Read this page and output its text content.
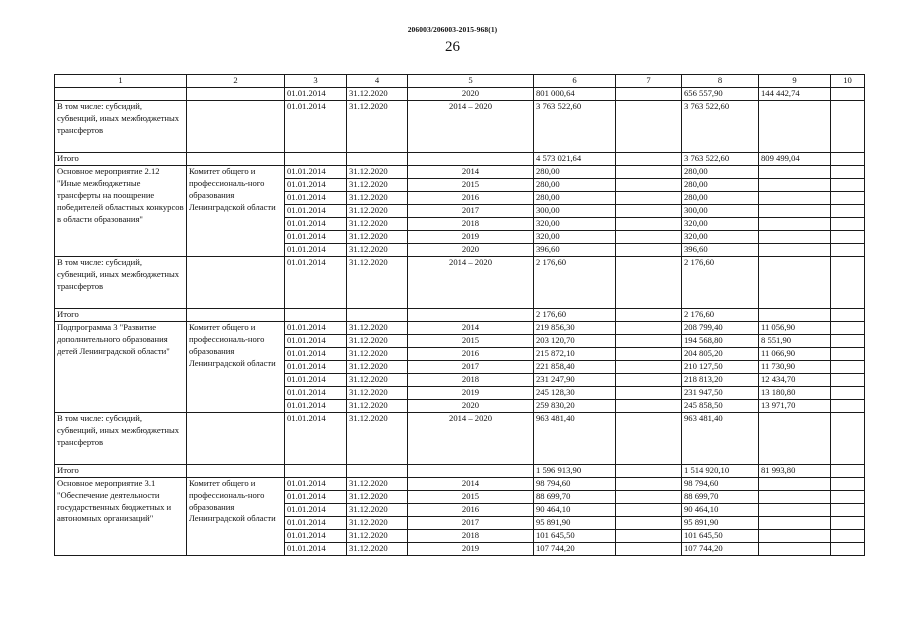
206003/206003-2015-968(1)
26
1	2	3	4	5	6	7	8	9	10
		01.01.2014	31.12.2020	2020	801 000,64		656 557,90	144 442,74	
В том числе: субсидий, субвенций, иных межбюджетных трансфертов		01.01.2014	31.12.2020	2014 – 2020	3 763 522,60		3 763 522,60		
Итого					4 573 021,64		3 763 522,60	809 499,04	
Основное мероприятие 2.12 "Иные межбюджетные трансферты на поощрение победителей областных конкурсов в области образования"	Комитет общего и профессиональ-ного образования Ленинградской области	01.01.2014	31.12.2020	2014	280,00		280,00		
		01.01.2014	31.12.2020	2015	280,00		280,00		
		01.01.2014	31.12.2020	2016	280,00		280,00		
		01.01.2014	31.12.2020	2017	300,00		300,00		
		01.01.2014	31.12.2020	2018	320,00		320,00		
		01.01.2014	31.12.2020	2019	320,00		320,00		
		01.01.2014	31.12.2020	2020	396,60		396,60		
В том числе: субсидий, субвенций, иных межбюджетных трансфертов		01.01.2014	31.12.2020	2014 – 2020	2 176,60		2 176,60		
Итого					2 176,60		2 176,60		
Подпрограмма 3 "Развитие дополнительного образования детей Ленинградской области"	Комитет общего и профессиональ-ного образования Ленинградской области	01.01.2014	31.12.2020	2014	219 856,30		208 799,40	11 056,90	
		01.01.2014	31.12.2020	2015	203 120,70		194 568,80	8 551,90	
		01.01.2014	31.12.2020	2016	215 872,10		204 805,20	11 066,90	
		01.01.2014	31.12.2020	2017	221 858,40		210 127,50	11 730,90	
		01.01.2014	31.12.2020	2018	231 247,90		218 813,20	12 434,70	
		01.01.2014	31.12.2020	2019	245 128,30		231 947,50	13 180,80	
		01.01.2014	31.12.2020	2020	259 830,20		245 858,50	13 971,70	
В том числе: субсидий, субвенций, иных межбюджетных трансфертов		01.01.2014	31.12.2020	2014 – 2020	963 481,40		963 481,40		
Итого					1 596 913,90		1 514 920,10	81 993,80	
Основное мероприятие 3.1 "Обеспечение деятельности государственных бюджетных и автономных организаций"	Комитет общего и профессиональ-ного образования Ленинградской области	01.01.2014	31.12.2020	2014	98 794,60		98 794,60		
		01.01.2014	31.12.2020	2015	88 699,70		88 699,70		
		01.01.2014	31.12.2020	2016	90 464,10		90 464,10		
		01.01.2014	31.12.2020	2017	95 891,90		95 891,90		
		01.01.2014	31.12.2020	2018	101 645,50		101 645,50		
		01.01.2014	31.12.2020	2019	107 744,20		107 744,20		
